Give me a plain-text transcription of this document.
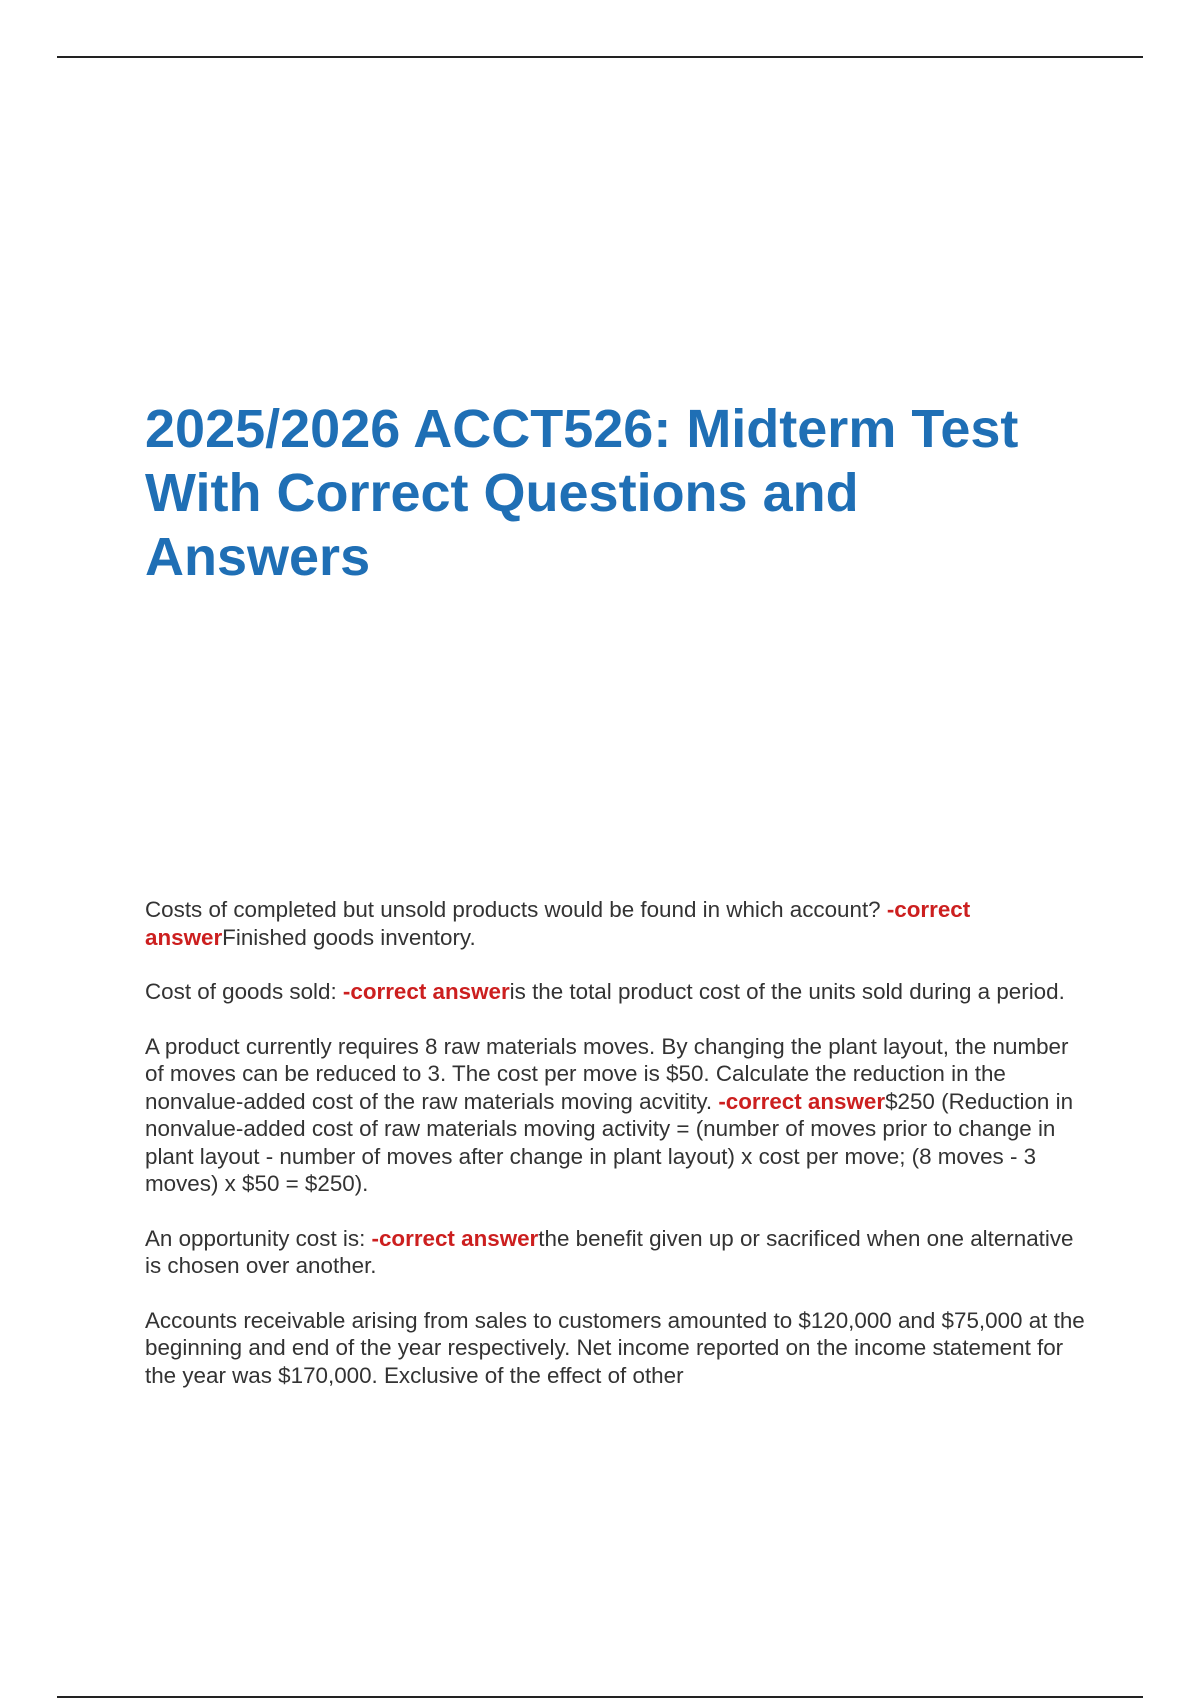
2025/2026 ACCT526: Midterm Test With Correct Questions and Answers

Costs of completed but unsold products would be found in which account? -correct answerFinished goods inventory.

Cost of goods sold: -correct answeris the total product cost of the units sold during a period.

A product currently requires 8 raw materials moves. By changing the plant layout, the number of moves can be reduced to 3. The cost per move is $50. Calculate the reduction in the nonvalue-added cost of the raw materials moving acvitity. -correct answer$250 (Reduction in nonvalue-added cost of raw materials moving activity = (number of moves prior to change in plant layout - number of moves after change in plant layout) x cost per move; (8 moves - 3 moves) x $50 = $250).

An opportunity cost is: -correct answerthe benefit given up or sacrificed when one alternative is chosen over another.

Accounts receivable arising from sales to customers amounted to $120,000 and $75,000 at the beginning and end of the year respectively. Net income reported on the income statement for the year was $170,000. Exclusive of the effect of other
